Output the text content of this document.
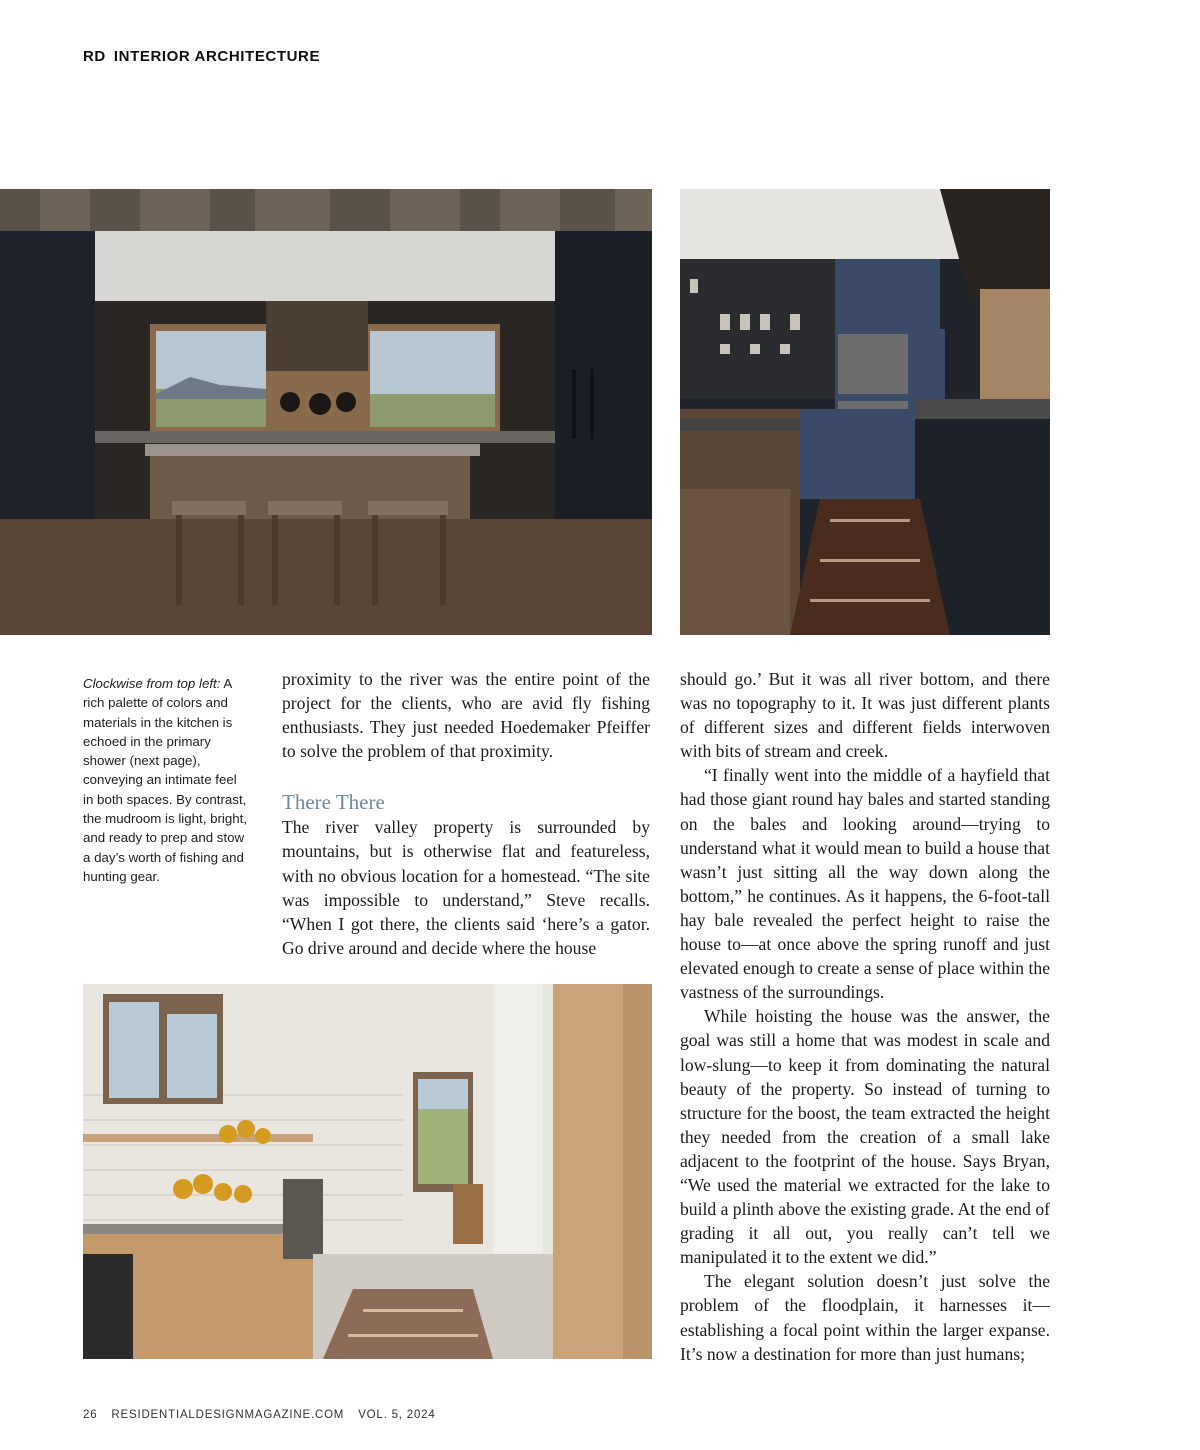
RD INTERIOR ARCHITECTURE
Clockwise from top left: A rich palette of colors and materials in the kitchen is echoed in the primary shower (next page), conveying an intimate feel in both spaces. By contrast, the mudroom is light, bright, and ready to prep and stow a day’s worth of fishing and hunting gear.

proximity to the river was the entire point of the project for the clients, who are avid fly fishing enthusiasts. They just needed Hoedemaker Pfeiffer to solve the problem of that proximity.

There There

The river valley property is surrounded by mountains, but is otherwise flat and featureless, with no obvious location for a homestead. “The site was impossible to understand,” Steve recalls. “When I got there, the clients said ‘here’s a gator. Go drive around and decide where the house

should go.’ But it was all river bottom, and there was no topography to it. It was just different plants of different sizes and different fields interwoven with bits of stream and creek.

“I finally went into the middle of a hayfield that had those giant round hay bales and started standing on the bales and looking around—trying to understand what it would mean to build a house that wasn’t just sitting all the way down along the bottom,” he continues. As it happens, the 6-foot-tall hay bale revealed the perfect height to raise the house to—at once above the spring runoff and just elevated enough to create a sense of place within the vastness of the surroundings.

While hoisting the house was the answer, the goal was still a home that was modest in scale and low-slung—to keep it from dominating the natural beauty of the property. So instead of turning to structure for the boost, the team extracted the height they needed from the creation of a small lake adjacent to the footprint of the house. Says Bryan, “We used the material we extracted for the lake to build a plinth above the existing grade. At the end of grading it all out, you really can’t tell we manipulated it to the extent we did.”

The elegant solution doesn’t just solve the problem of the floodplain, it harnesses it—establishing a focal point within the larger expanse. It’s now a destination for more than just humans;

26 RESIDENTIALDESIGNMAGAZINE.COM VOL. 5, 2024
